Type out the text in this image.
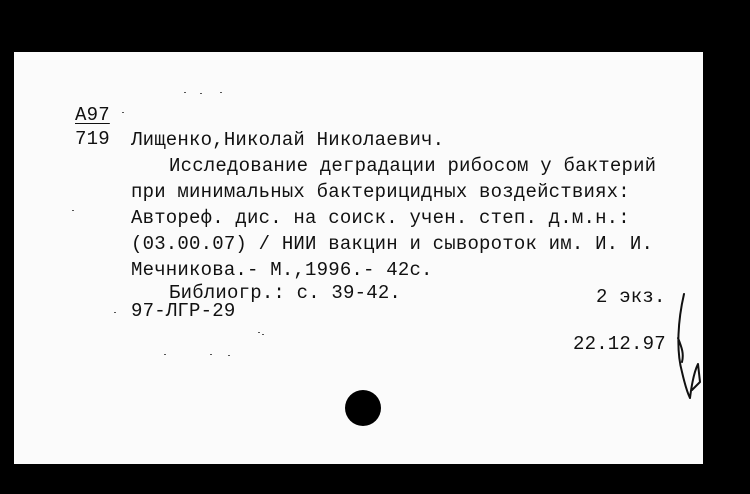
А97
719 Лищенко,Николай Николаевич.
Исследование деградации рибосом у бактерий
при минимальных бактерицидных воздействиях:
Автореф. дис. на соиск. учен. степ. д.м.н.:
(03.00.07) / НИИ вакцин и сывороток им. И. И.
Мечникова.- М.,1996.- 42с.
Библиогр.: с. 39-42.	2 экз.
97-ЛГР-29
22.12.97
